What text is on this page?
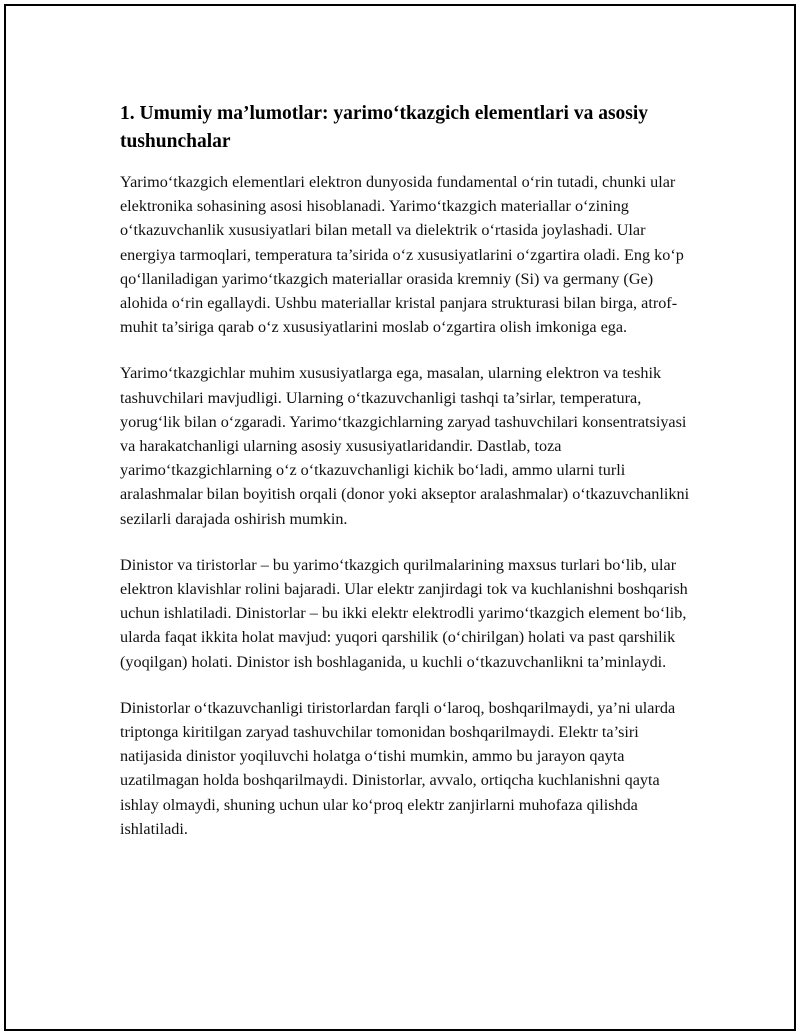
1. Umumiy ma’lumotlar: yarimo‘tkazgich elementlari va asosiy tushunchalar

Yarimo‘tkazgich elementlari elektron dunyosida fundamental o‘rin tutadi, chunki ular elektronika sohasining asosi hisoblanadi. Yarimo‘tkazgich materiallar o‘zining o‘tkazuvchanlik xususiyatlari bilan metall va dielektrik o‘rtasida joylashadi. Ular energiya tarmoqlari, temperatura ta’sirida o‘z xususiyatlarini o‘zgartira oladi. Eng ko‘p qo‘llaniladigan yarimo‘tkazgich materiallar orasida kremniy (Si) va germany (Ge) alohida o‘rin egallaydi. Ushbu materiallar kristal panjara strukturasi bilan birga, atrof-muhit ta’siriga qarab o‘z xususiyatlarini moslab o‘zgartira olish imkoniga ega.

Yarimo‘tkazgichlar muhim xususiyatlarga ega, masalan, ularning elektron va teshik tashuvchilari mavjudligi. Ularning o‘tkazuvchanligi tashqi ta’sirlar, temperatura, yorug‘lik bilan o‘zgaradi. Yarimo‘tkazgichlarning zaryad tashuvchilari konsentratsiyasi va harakatchanligi ularning asosiy xususiyatlaridandir. Dastlab, toza yarimo‘tkazgichlarning o‘z o‘tkazuvchanligi kichik bo‘ladi, ammo ularni turli aralashmalar bilan boyitish orqali (donor yoki akseptor aralashmalar) o‘tkazuvchanlikni sezilarli darajada oshirish mumkin.

Dinistor va tiristorlar – bu yarimo‘tkazgich qurilmalarining maxsus turlari bo‘lib, ular elektron klavishlar rolini bajaradi. Ular elektr zanjirdagi tok va kuchlanishni boshqarish uchun ishlatiladi. Dinistorlar – bu ikki elektr elektrodli yarimo‘tkazgich element bo‘lib, ularda faqat ikkita holat mavjud: yuqori qarshilik (o‘chirilgan) holati va past qarshilik (yoqilgan) holati. Dinistor ish boshlaganida, u kuchli o‘tkazuvchanlikni ta’minlaydi.

Dinistorlar o‘tkazuvchanligi tiristorlardan farqli o‘laroq, boshqarilmaydi, ya’ni ularda triptonga kiritilgan zaryad tashuvchilar tomonidan boshqarilmaydi. Elektr ta’siri natijasida dinistor yoqiluvchi holatga o‘tishi mumkin, ammo bu jarayon qayta uzatilmagan holda boshqarilmaydi. Dinistorlar, avvalo, ortiqcha kuchlanishni qayta ishlay olmaydi, shuning uchun ular ko‘proq elektr zanjirlarni muhofaza qilishda ishlatiladi.
